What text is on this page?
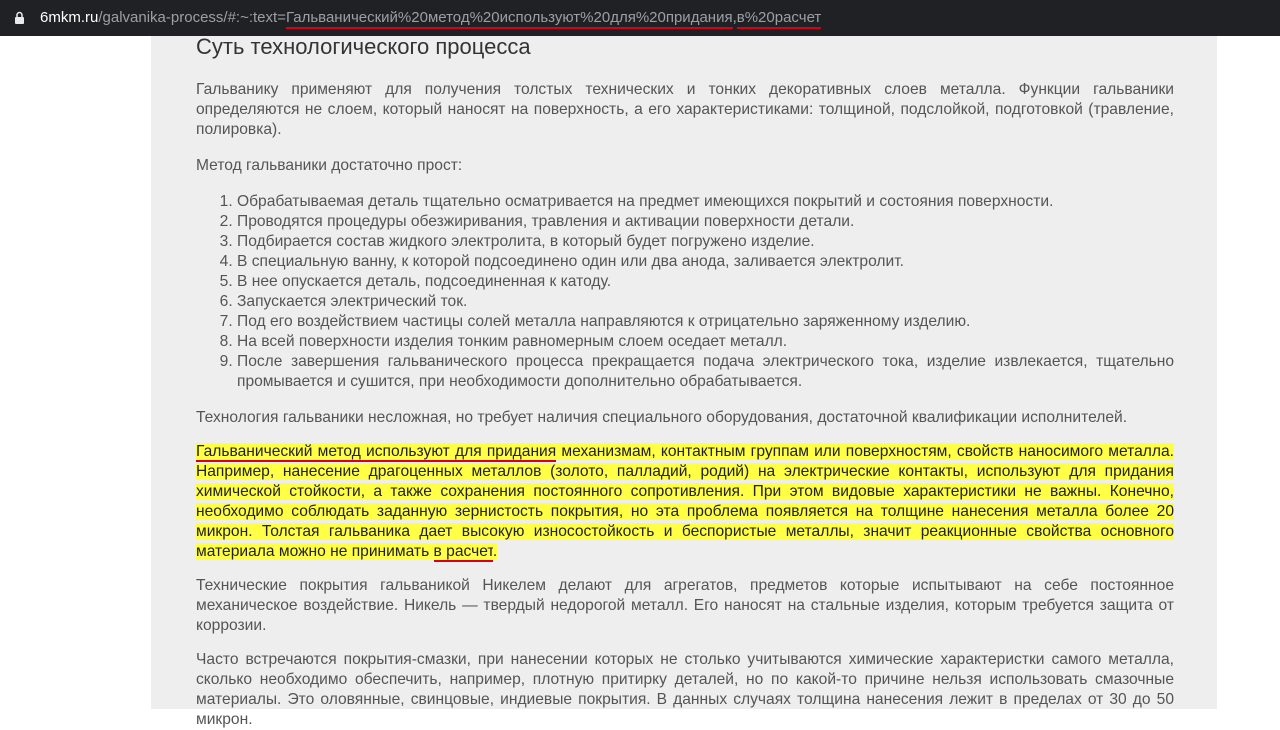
6mkm.ru/galvanika-process/#:~:text=Гальванический%20метод%20используют%20для%20придания,в%20расчет
Суть технологического процесса

Гальванику применяют для получения толстых технических и тонких декоративных слоев металла. Функции гальваники определяются не слоем, который наносят на поверхность, а его характеристиками: толщиной, подслойкой, подготовкой (травление, полировка).

Метод гальваники достаточно прост:

1. Обрабатываемая деталь тщательно осматривается на предмет имеющихся покрытий и состояния поверхности.
2. Проводятся процедуры обезжиривания, травления и активации поверхности детали.
3. Подбирается состав жидкого электролита, в который будет погружено изделие.
4. В специальную ванну, к которой подсоединено один или два анода, заливается электролит.
5. В нее опускается деталь, подсоединенная к катоду.
6. Запускается электрический ток.
7. Под его воздействием частицы солей металла направляются к отрицательно заряженному изделию.
8. На всей поверхности изделия тонким равномерным слоем оседает металл.
9. После завершения гальванического процесса прекращается подача электрического тока, изделие извлекается, тщательно промывается и сушится, при необходимости дополнительно обрабатывается.

Технология гальваники несложная, но требует наличия специального оборудования, достаточной квалификации исполнителей.

Гальванический метод используют для придания механизмам, контактным группам или поверхностям, свойств наносимого металла. Например, нанесение драгоценных металлов (золото, палладий, родий) на электрические контакты, используют для придания химической стойкости, а также сохранения постоянного сопротивления. При этом видовые характеристики не важны. Конечно, необходимо соблюдать заданную зернистость покрытия, но эта проблема появляется на толщине нанесения металла более 20 микрон. Толстая гальваника дает высокую износостойкость и беспористые металлы, значит реакционные свойства основного материала можно не принимать в расчет.

Технические покрытия гальваникой Никелем делают для агрегатов, предметов которые испытывают на себе постоянное механическое воздействие. Никель — твердый недорогой металл. Его наносят на стальные изделия, которым требуется защита от коррозии.

Часто встречаются покрытия-смазки, при нанесении которых не столько учитываются химические характеристки самого металла, сколько необходимо обеспечить, например, плотную притирку деталей, но по какой-то причине нельзя использовать смазочные материалы. Это оловянные, свинцовые, индиевые покрытия. В данных случаях толщина нанесения лежит в пределах от 30 до 50 микрон.
